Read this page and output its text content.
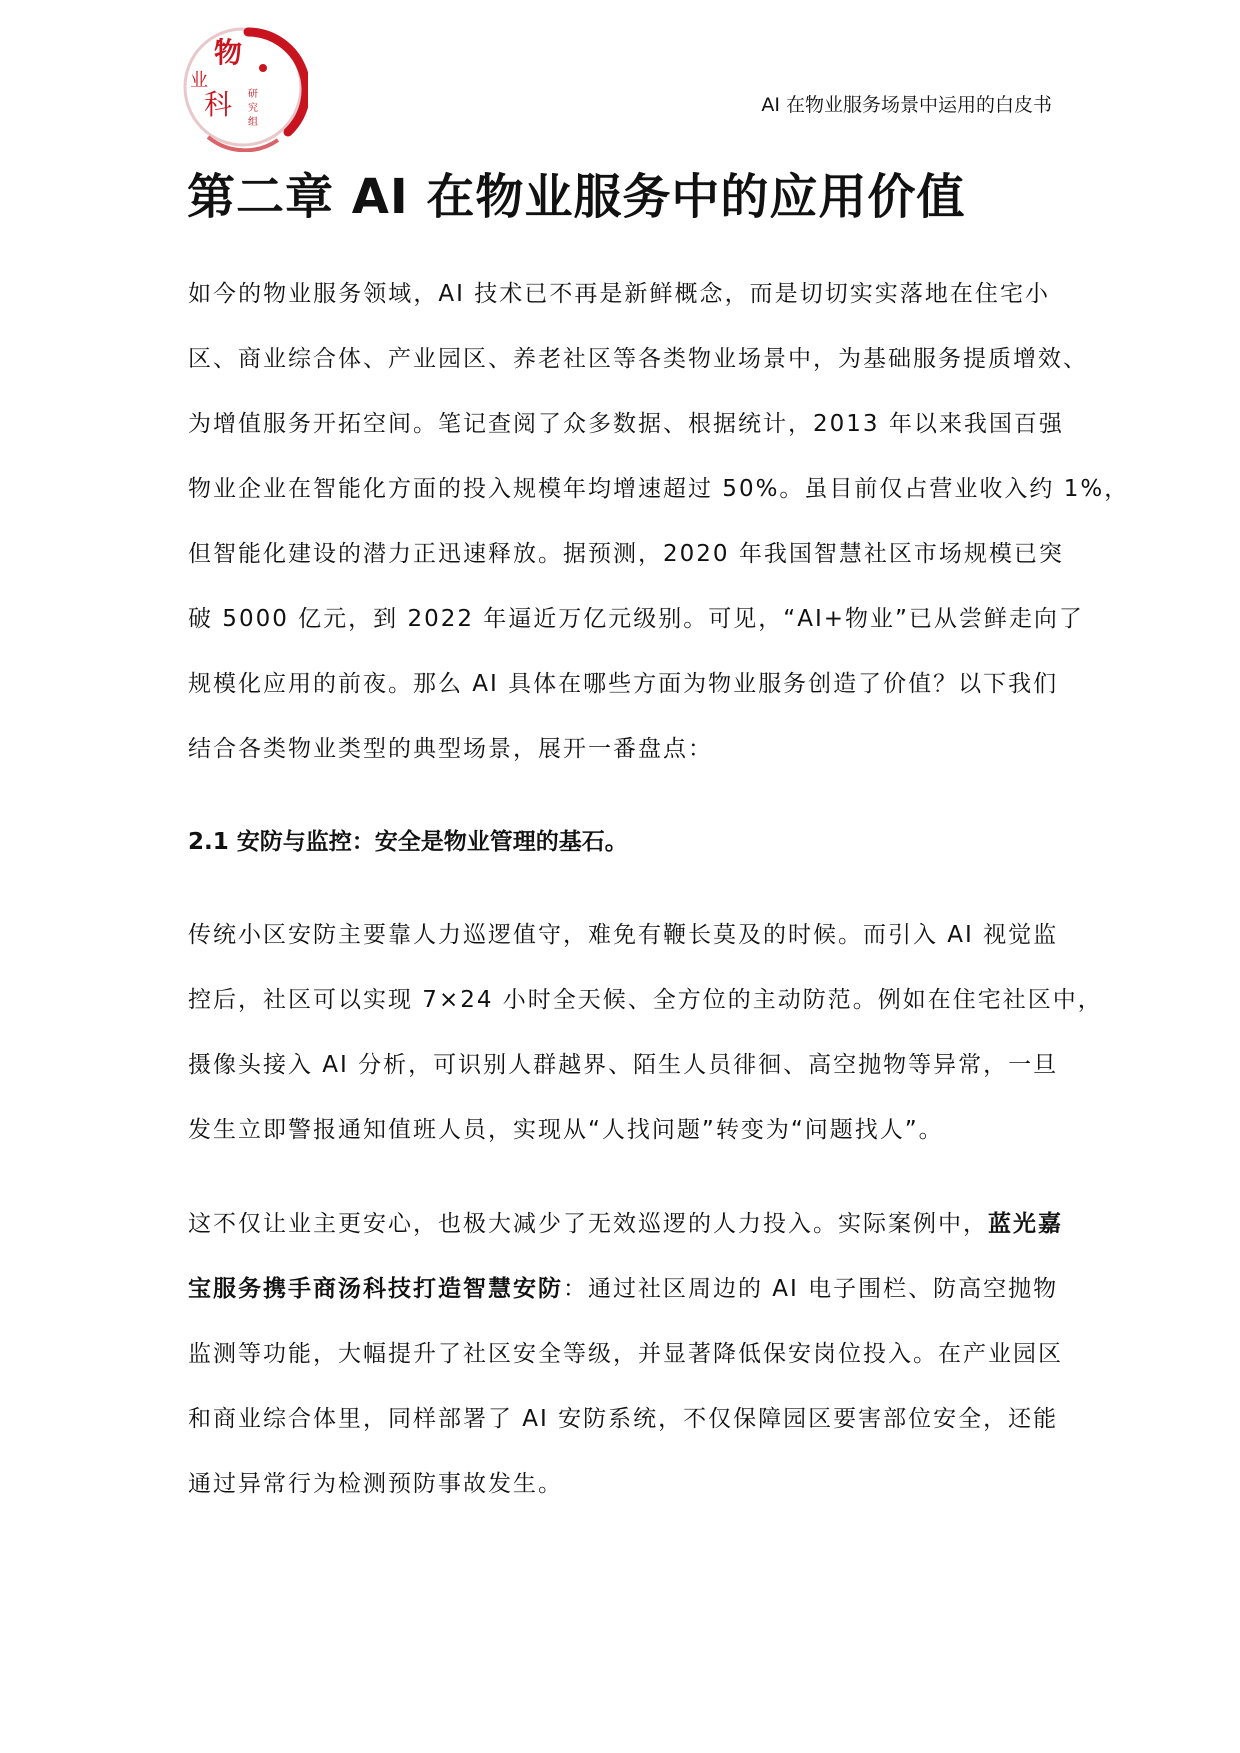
物
业
科 研
究
组
AI 在物业服务场景中运用的白皮书
第二章 AI 在物业服务中的应用价值
如今的物业服务领域，AI 技术已不再是新鲜概念，而是切切实实落地在住宅小
区、商业综合体、产业园区、养老社区等各类物业场景中，为基础服务提质增效、
为增值服务开拓空间。笔记查阅了众多数据、根据统计，2013 年以来我国百强
物业企业在智能化方面的投入规模年均增速超过 50%。虽目前仅占营业收入约 1%，
但智能化建设的潜力正迅速释放。据预测，2020 年我国智慧社区市场规模已突
破 5000 亿元，到 2022 年逼近万亿元级别。可见，“AI+物业”已从尝鲜走向了
规模化应用的前夜。那么 AI 具体在哪些方面为物业服务创造了价值？以下我们
结合各类物业类型的典型场景，展开一番盘点：
2.1 安防与监控：安全是物业管理的基石。
传统小区安防主要靠人力巡逻值守，难免有鞭长莫及的时候。而引入 AI 视觉监
控后，社区可以实现 7×24 小时全天候、全方位的主动防范。例如在住宅社区中，
摄像头接入 AI 分析，可识别人群越界、陌生人员徘徊、高空抛物等异常，一旦
发生立即警报通知值班人员，实现从“人找问题”转变为“问题找人”。
这不仅让业主更安心，也极大减少了无效巡逻的人力投入。实际案例中，蓝光嘉
宝服务携手商汤科技打造智慧安防：通过社区周边的 AI 电子围栏、防高空抛物
监测等功能，大幅提升了社区安全等级，并显著降低保安岗位投入。在产业园区
和商业综合体里，同样部署了 AI 安防系统，不仅保障园区要害部位安全，还能
通过异常行为检测预防事故发生。
